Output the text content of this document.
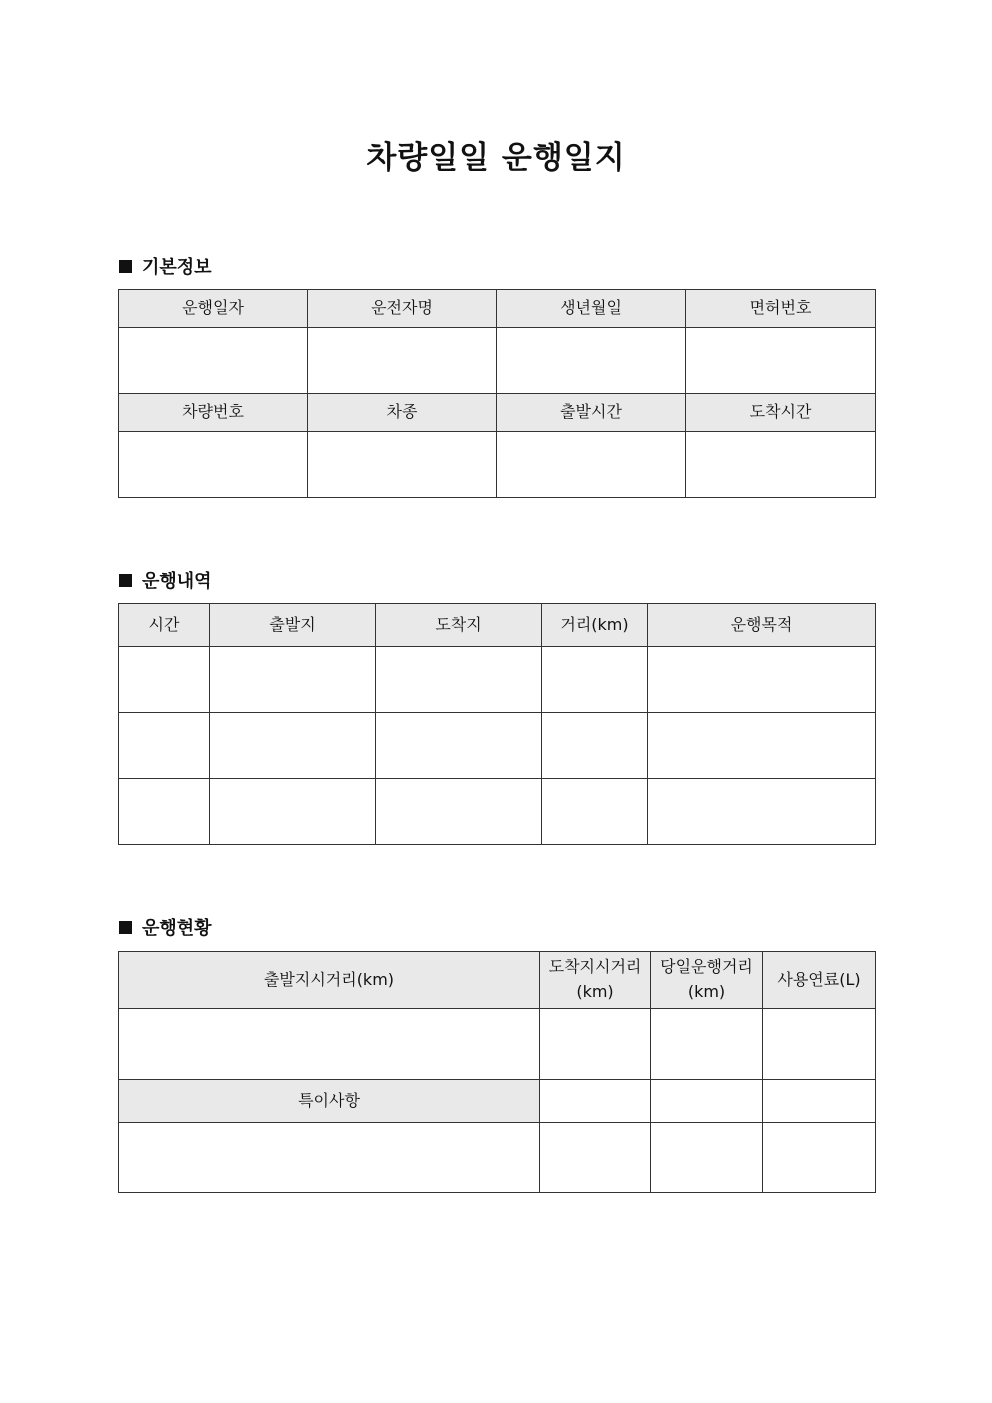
차량일일 운행일지
기본정보
운행일자	운전자명	생년월일	면허번호

차량번호	차종	출발시간	도착시간

운행내역
시간	출발지	도착지	거리(km)	운행목적

운행현황
출발지시거리(km)	도착지시거리(km)	당일운행거리(km)	사용연료(L)

특이사항			
